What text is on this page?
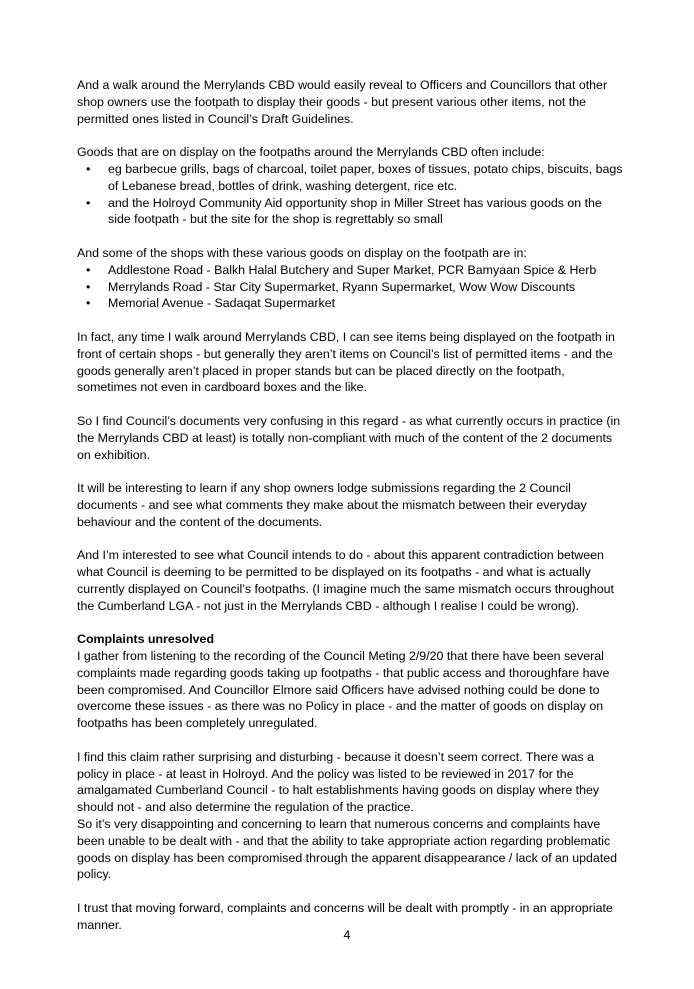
And a walk around the Merrylands CBD would easily reveal to Officers and Councillors that other
shop owners use the footpath to display their goods - but present various other items, not the
permitted ones listed in Council’s Draft Guidelines.

Goods that are on display on the footpaths around the Merrylands CBD often include:

•	eg barbecue grills, bags of charcoal, toilet paper, boxes of tissues, potato chips, biscuits, bags
of Lebanese bread, bottles of drink, washing detergent, rice etc.
•	and the Holroyd Community Aid opportunity shop in Miller Street has various goods on the
side footpath - but the site for the shop is regrettably so small

And some of the shops with these various goods on display on the footpath are in:

•	Addlestone Road - Balkh Halal Butchery and Super Market, PCR Bamyaan Spice & Herb
•	Merrylands Road - Star City Supermarket, Ryann Supermarket, Wow Wow Discounts
•	Memorial Avenue - Sadaqat Supermarket

In fact, any time I walk around Merrylands CBD, I can see items being displayed on the footpath in
front of certain shops - but generally they aren’t items on Council’s list of permitted items - and the
goods generally aren’t placed in proper stands but can be placed directly on the footpath,
sometimes not even in cardboard boxes and the like.

So I find Council’s documents very confusing in this regard - as what currently occurs in practice (in
the Merrylands CBD at least) is totally non-compliant with much of the content of the 2 documents
on exhibition.

It will be interesting to learn if any shop owners lodge submissions regarding the 2 Council
documents - and see what comments they make about the mismatch between their everyday
behaviour and the content of the documents.

And I’m interested to see what Council intends to do - about this apparent contradiction between
what Council is deeming to be permitted to be displayed on its footpaths - and what is actually
currently displayed on Council’s footpaths. (I imagine much the same mismatch occurs throughout
the Cumberland LGA - not just in the Merrylands CBD - although I realise I could be wrong).

Complaints unresolved

I gather from listening to the recording of the Council Meting 2/9/20 that there have been several
complaints made regarding goods taking up footpaths - that public access and thoroughfare have
been compromised. And Councillor Elmore said Officers have advised nothing could be done to
overcome these issues - as there was no Policy in place - and the matter of goods on display on
footpaths has been completely unregulated.

I find this claim rather surprising and disturbing - because it doesn’t seem correct. There was a
policy in place - at least in Holroyd. And the policy was listed to be reviewed in 2017 for the
amalgamated Cumberland Council - to halt establishments having goods on display where they
should not - and also determine the regulation of the practice.

So it’s very disappointing and concerning to learn that numerous concerns and complaints have
been unable to be dealt with - and that the ability to take appropriate action regarding problematic
goods on display has been compromised through the apparent disappearance / lack of an updated
policy.

I trust that moving forward, complaints and concerns will be dealt with promptly - in an appropriate
manner.

4
